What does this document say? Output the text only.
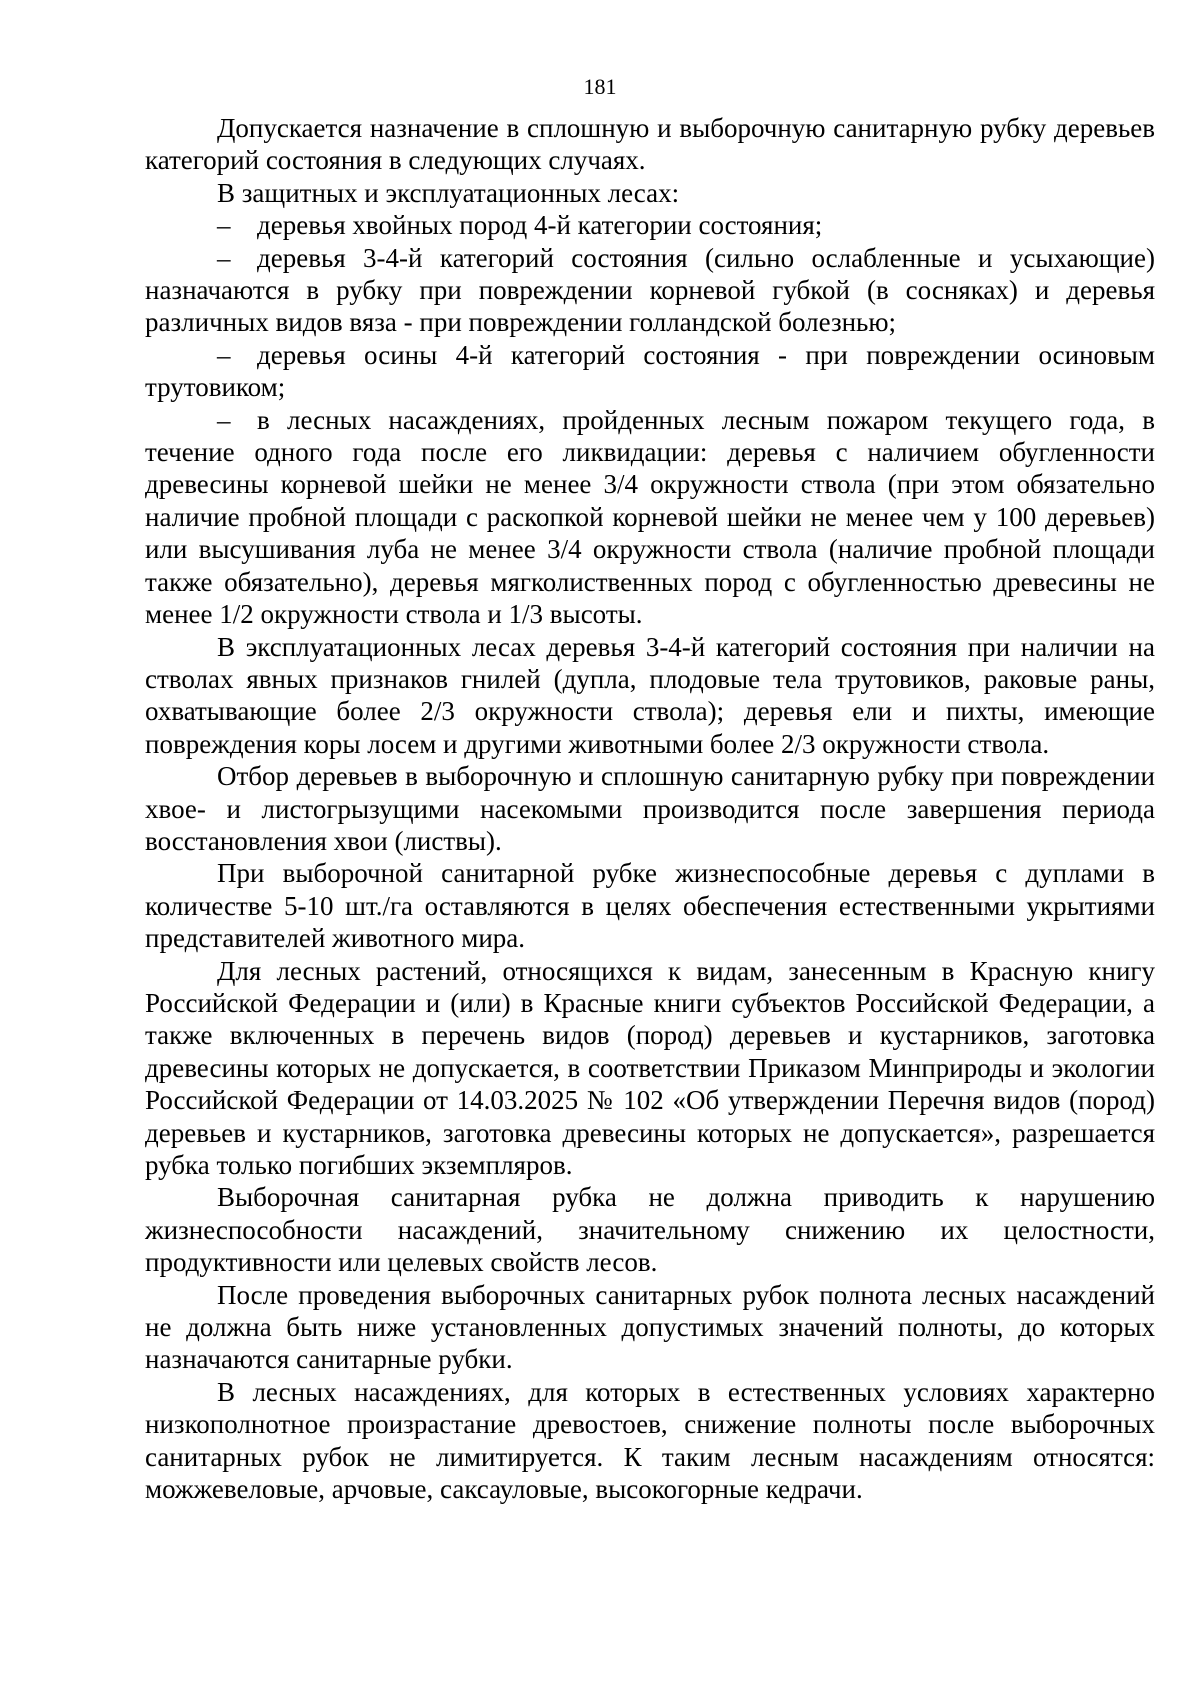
181

Допускается назначение в сплошную и выборочную санитарную рубку деревьев категорий состояния в следующих случаях.

В защитных и эксплуатационных лесах:

– деревья хвойных пород 4-й категории состояния;

– деревья 3-4-й категорий состояния (сильно ослабленные и усыхающие) назначаются в рубку при повреждении корневой губкой (в сосняках) и деревья различных видов вяза - при повреждении голландской болезнью;

– деревья осины 4-й категорий состояния - при повреждении осиновым трутовиком;

– в лесных насаждениях, пройденных лесным пожаром текущего года, в течение одного года после его ликвидации: деревья с наличием обугленности древесины корневой шейки не менее 3/4 окружности ствола (при этом обязательно наличие пробной площади с раскопкой корневой шейки не менее чем у 100 деревьев) или высушивания луба не менее 3/4 окружности ствола (наличие пробной площади также обязательно), деревья мягколиственных пород с обугленностью древесины не менее 1/2 окружности ствола и 1/3 высоты.

В эксплуатационных лесах деревья 3-4-й категорий состояния при наличии на стволах явных признаков гнилей (дупла, плодовые тела трутовиков, раковые раны, охватывающие более 2/3 окружности ствола); деревья ели и пихты, имеющие повреждения коры лосем и другими животными более 2/3 окружности ствола.

Отбор деревьев в выборочную и сплошную санитарную рубку при повреждении хвое- и листогрызущими насекомыми производится после завершения периода восстановления хвои (листвы).

При выборочной санитарной рубке жизнеспособные деревья с дуплами в количестве 5-10 шт./га оставляются в целях обеспечения естественными укрытиями представителей животного мира.

Для лесных растений, относящихся к видам, занесенным в Красную книгу Российской Федерации и (или) в Красные книги субъектов Российской Федерации, а также включенных в перечень видов (пород) деревьев и кустарников, заготовка древесины которых не допускается, в соответствии Приказом Минприроды и экологии Российской Федерации от 14.03.2025 № 102 «Об утверждении Перечня видов (пород) деревьев и кустарников, заготовка древесины которых не допускается», разрешается рубка только погибших экземпляров.

Выборочная санитарная рубка не должна приводить к нарушению жизнеспособности насаждений, значительному снижению их целостности, продуктивности или целевых свойств лесов.

После проведения выборочных санитарных рубок полнота лесных насаждений не должна быть ниже установленных допустимых значений полноты, до которых назначаются санитарные рубки.

В лесных насаждениях, для которых в естественных условиях характерно низкополнотное произрастание древостоев, снижение полноты после выборочных санитарных рубок не лимитируется. К таким лесным насаждениям относятся: можжевеловые, арчовые, саксауловые, высокогорные кедрачи.
